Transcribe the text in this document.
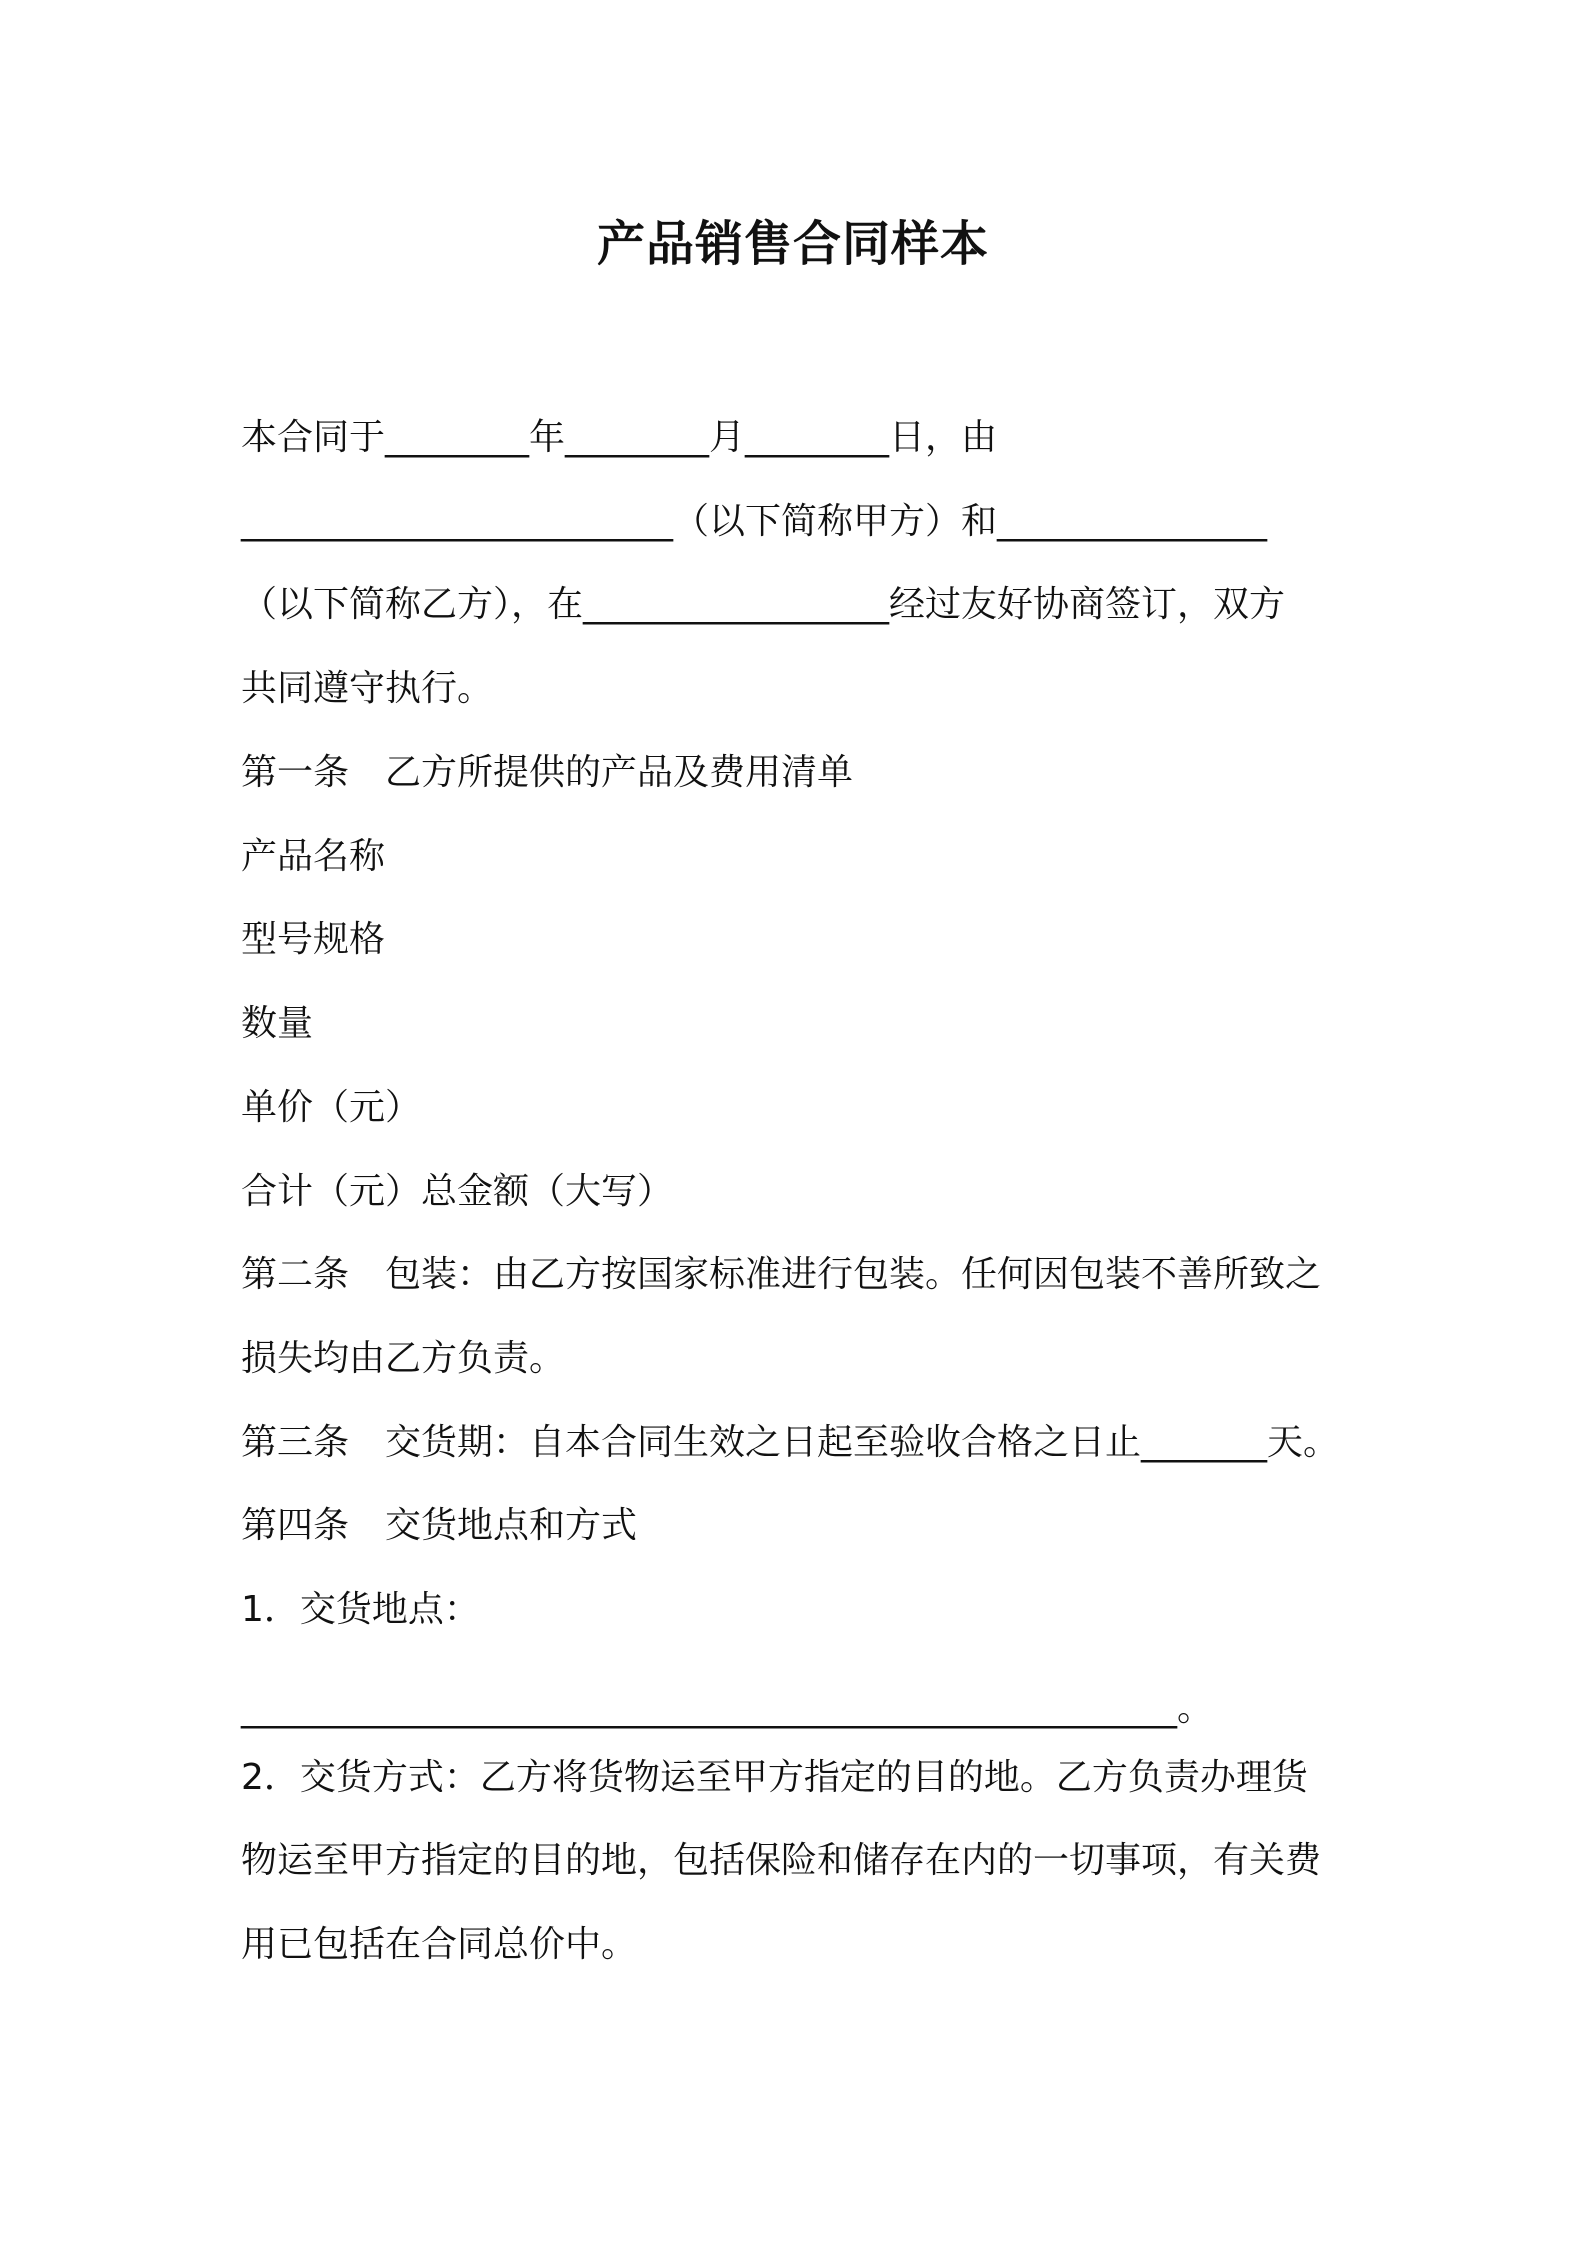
产品销售合同样本
本合同于________年________月________日，由
________________________（以下简称甲方）和_______________
（以下简称乙方），在_________________经过友好协商签订，双方
共同遵守执行。
第一条　乙方所提供的产品及费用清单
产品名称
型号规格
数量
单价（元）
合计（元）总金额（大写）
第二条　包装：由乙方按国家标准进行包装。任何因包装不善所致之
损失均由乙方负责。
第三条　交货期：自本合同生效之日起至验收合格之日止_______天。
第四条　交货地点和方式
1．交货地点：
____________________________________________________。
2．交货方式：乙方将货物运至甲方指定的目的地。乙方负责办理货
物运至甲方指定的目的地，包括保险和储存在内的一切事项，有关费
用已包括在合同总价中。
